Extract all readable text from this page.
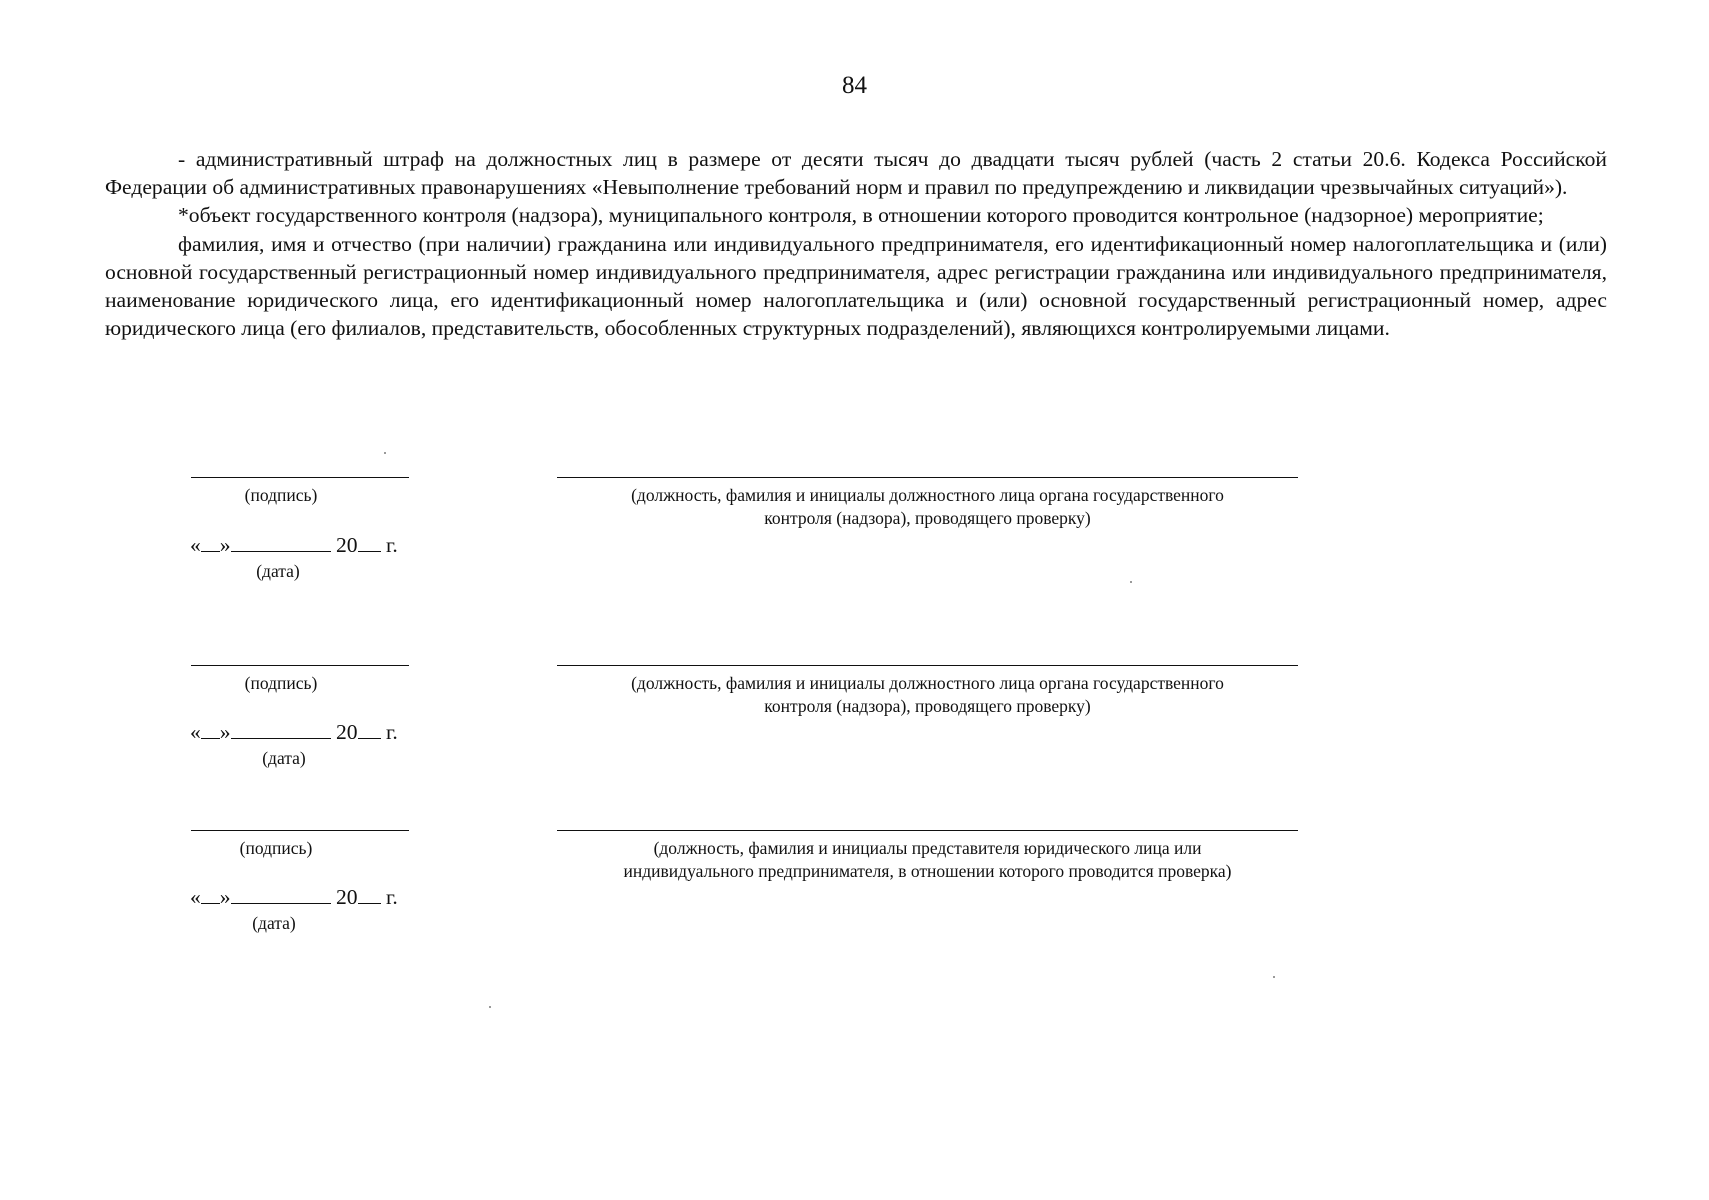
84

- административный штраф на должностных лиц в размере от десяти тысяч до двадцати тысяч рублей (часть 2 статьи 20.6. Кодекса Российской Федерации об административных правонарушениях «Невыполнение требований норм и правил по предупреждению и ликвидации чрезвычайных ситуаций»).

*объект государственного контроля (надзора), муниципального контроля, в отношении которого проводится контрольное (надзорное) мероприятие;

фамилия, имя и отчество (при наличии) гражданина или индивидуального предпринимателя, его идентификационный номер налогоплательщика и (или) основной государственный регистрационный номер индивидуального предпринимателя, адрес регистрации гражданина или индивидуального предпринимателя, наименование юридического лица, его идентификационный номер налогоплательщика и (или) основной государственный регистрационный номер, адрес юридического лица (его филиалов, представительств, обособленных структурных подразделений), являющихся контролируемыми лицами.

(подпись)	(должность, фамилия и инициалы должностного лица органа государственного
контроля (надзора), проводящего проверку)
« »	20 г.
(дата)
(подпись)	(должность, фамилия и инициалы должностного лица органа государственного
контроля (надзора), проводящего проверку)
« »	20 г.
(дата)
(подпись)	(должность, фамилия и инициалы представителя юридического лица или
индивидуального предпринимателя, в отношении которого проводится проверка)
« »	20 г.
(дата)
